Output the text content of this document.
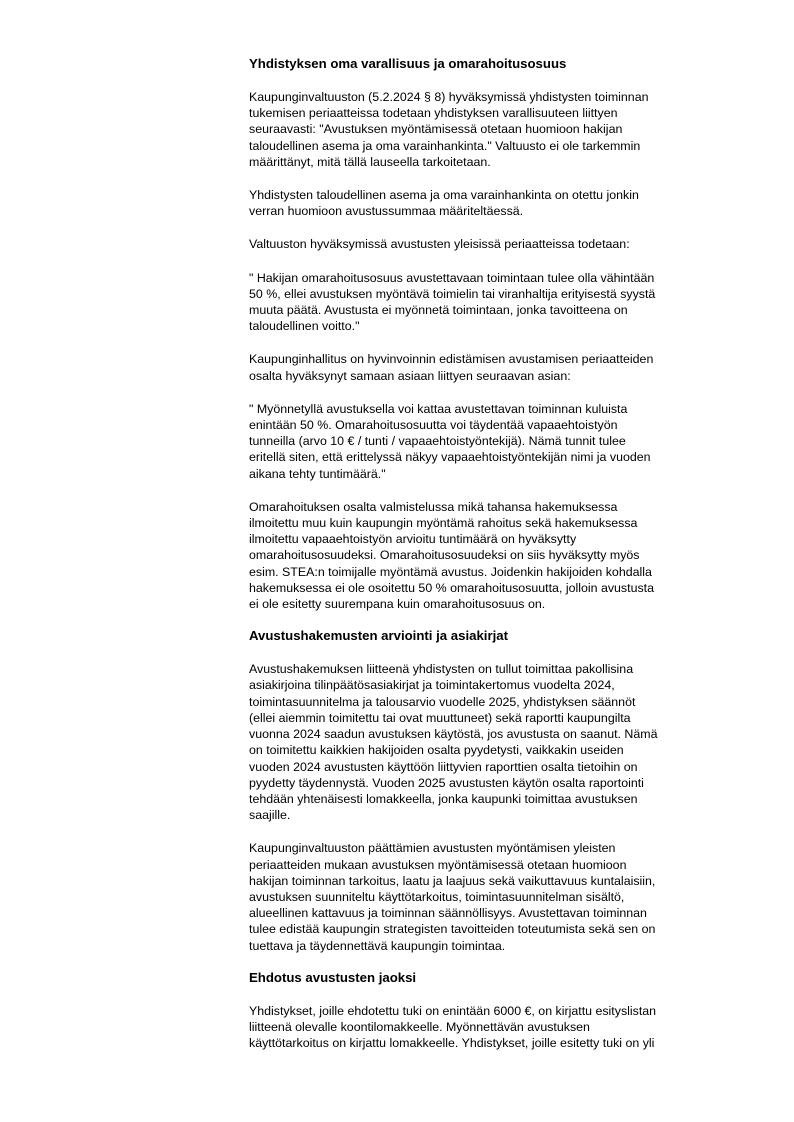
Yhdistyksen oma varallisuus ja omarahoitusosuus

Kaupunginvaltuuston (5.2.2024 § 8) hyväksymissä yhdistysten toiminnan
tukemisen periaatteissa todetaan yhdistyksen varallisuuteen liittyen
seuraavasti: "Avustuksen myöntämisessä otetaan huomioon hakijan
taloudellinen asema ja oma varainhankinta." Valtuusto ei ole tarkemmin
määrittänyt, mitä tällä lauseella tarkoitetaan.

Yhdistysten taloudellinen asema ja oma varainhankinta on otettu jonkin
verran huomioon avustussummaa määriteltäessä.

Valtuuston hyväksymissä avustusten yleisissä periaatteissa todetaan:

" Hakijan omarahoitusosuus avustettavaan toimintaan tulee olla vähintään
50 %, ellei avustuksen myöntävä toimielin tai viranhaltija erityisestä syystä
muuta päätä. Avustusta ei myönnetä toimintaan, jonka tavoitteena on
taloudellinen voitto."

Kaupunginhallitus on hyvinvoinnin edistämisen avustamisen periaatteiden
osalta hyväksynyt samaan asiaan liittyen seuraavan asian:

" Myönnetyllä avustuksella voi kattaa avustettavan toiminnan kuluista
enintään 50 %. Omarahoitusosuutta voi täydentää vapaaehtoistyön
tunneilla (arvo 10 € / tunti / vapaaehtoistyöntekijä). Nämä tunnit tulee
eritellä siten, että erittelyssä näkyy vapaaehtoistyöntekijän nimi ja vuoden
aikana tehty tuntimäärä."

Omarahoituksen osalta valmistelussa mikä tahansa hakemuksessa
ilmoitettu muu kuin kaupungin myöntämä rahoitus sekä hakemuksessa
ilmoitettu vapaaehtoistyön arvioitu tuntimäärä on hyväksytty
omarahoitusosuudeksi. Omarahoitusosuudeksi on siis hyväksytty myös
esim. STEA:n toimijalle myöntämä avustus. Joidenkin hakijoiden kohdalla
hakemuksessa ei ole osoitettu 50 % omarahoitusosuutta, jolloin avustusta
ei ole esitetty suurempana kuin omarahoitusosuus on.

Avustushakemusten arviointi ja asiakirjat

Avustushakemuksen liitteenä yhdistysten on tullut toimittaa pakollisina
asiakirjoina tilinpäätösasiakirjat ja toimintakertomus vuodelta 2024,
toimintasuunnitelma ja talousarvio vuodelle 2025, yhdistyksen säännöt
(ellei aiemmin toimitettu tai ovat muuttuneet) sekä raportti kaupungilta
vuonna 2024 saadun avustuksen käytöstä, jos avustusta on saanut. Nämä
on toimitettu kaikkien hakijoiden osalta pyydetysti, vaikkakin useiden
vuoden 2024 avustusten käyttöön liittyvien raporttien osalta tietoihin on
pyydetty täydennystä. Vuoden 2025 avustusten käytön osalta raportointi
tehdään yhtenäisesti lomakkeella, jonka kaupunki toimittaa avustuksen
saajille.

Kaupunginvaltuuston päättämien avustusten myöntämisen yleisten
periaatteiden mukaan avustuksen myöntämisessä otetaan huomioon
hakijan toiminnan tarkoitus, laatu ja laajuus sekä vaikuttavuus kuntalaisiin,
avustuksen suunniteltu käyttötarkoitus, toimintasuunnitelman sisältö,
alueellinen kattavuus ja toiminnan säännöllisyys. Avustettavan toiminnan
tulee edistää kaupungin strategisten tavoitteiden toteutumista sekä sen on
tuettava ja täydennettävä kaupungin toimintaa.

Ehdotus avustusten jaoksi

Yhdistykset, joille ehdotettu tuki on enintään 6000 €, on kirjattu esityslistan
liitteenä olevalle koontilomakkeelle. Myönnettävän avustuksen
käyttötarkoitus on kirjattu lomakkeelle. Yhdistykset, joille esitetty tuki on yli
